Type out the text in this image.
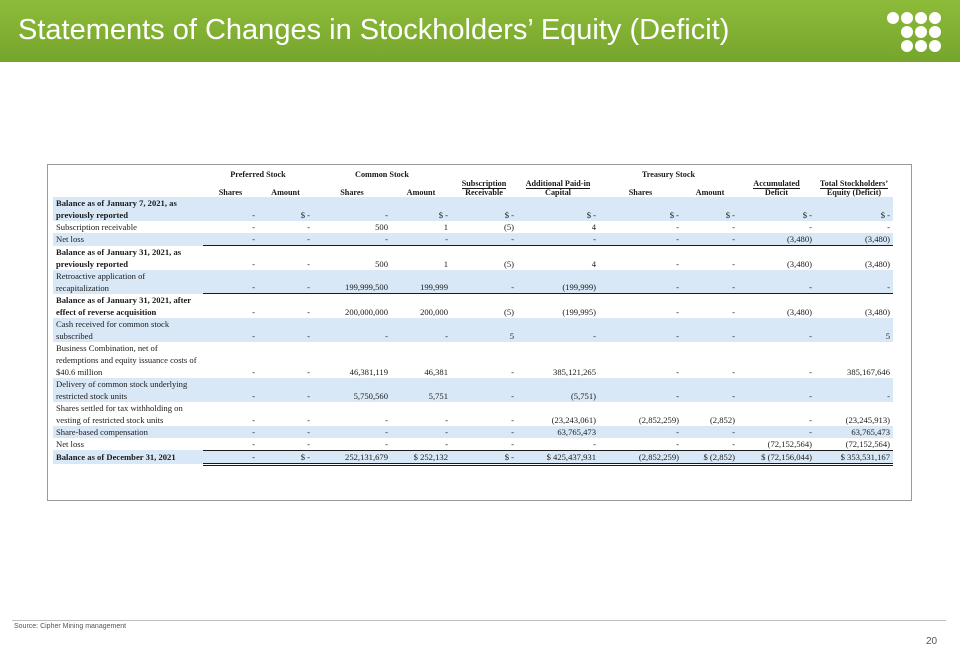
Statements of Changes in Stockholders’ Equity (Deficit)
	Preferred Stock		Common Stock				Treasury Stock			
	Shares	Amount	Shares	Amount	Subscription Receivable	Additional Paid-in Capital	Shares	Amount	Accumulated Deficit	Total Stockholders’ Equity (Deficit)
Balance as of January 7, 2021, as previously reported	-	$ -	-	$ -	$ -	$ -	$ -	$ -	$ -	$ -
Subscription receivable	-	-	500	1	(5)	4	-	-	-	-
Net loss	-	-	-	-	-	-	-	-	(3,480)	(3,480)
Balance as of January 31, 2021, as previously reported	-	-	500	1	(5)	4	-	-	(3,480)	(3,480)
Retroactive application of recapitalization	-	-	199,999,500	199,999	-	(199,999)	-	-	-	-
Balance as of January 31, 2021, after effect of reverse acquisition	-	-	200,000,000	200,000	(5)	(199,995)	-	-	(3,480)	(3,480)
Cash received for common stock subscribed	-	-	-	-	5	-	-	-	-	5
Business Combination, net of redemptions and equity issuance costs of $40.6 million	-	-	46,381,119	46,381	-	385,121,265	-	-	-	385,167,646
Delivery of common stock underlying restricted stock units	-	-	5,750,560	5,751	-	(5,751)	-	-	-	-
Shares settled for tax withholding on vesting of restricted stock units	-	-	-	-	-	(23,243,061)	(2,852,259)	(2,852)	-	(23,245,913)
Share-based compensation	-	-	-	-	-	63,765,473	-	-	-	63,765,473
Net loss	-	-	-	-	-	-	-	-	(72,152,564)	(72,152,564)
Balance as of December 31, 2021	-	$ -	252,131,679	$ 252,132	$ -	$ 425,437,931	(2,852,259)	$ (2,852)	$ (72,156,044)	$ 353,531,167
Source: Cipher Mining management
20
